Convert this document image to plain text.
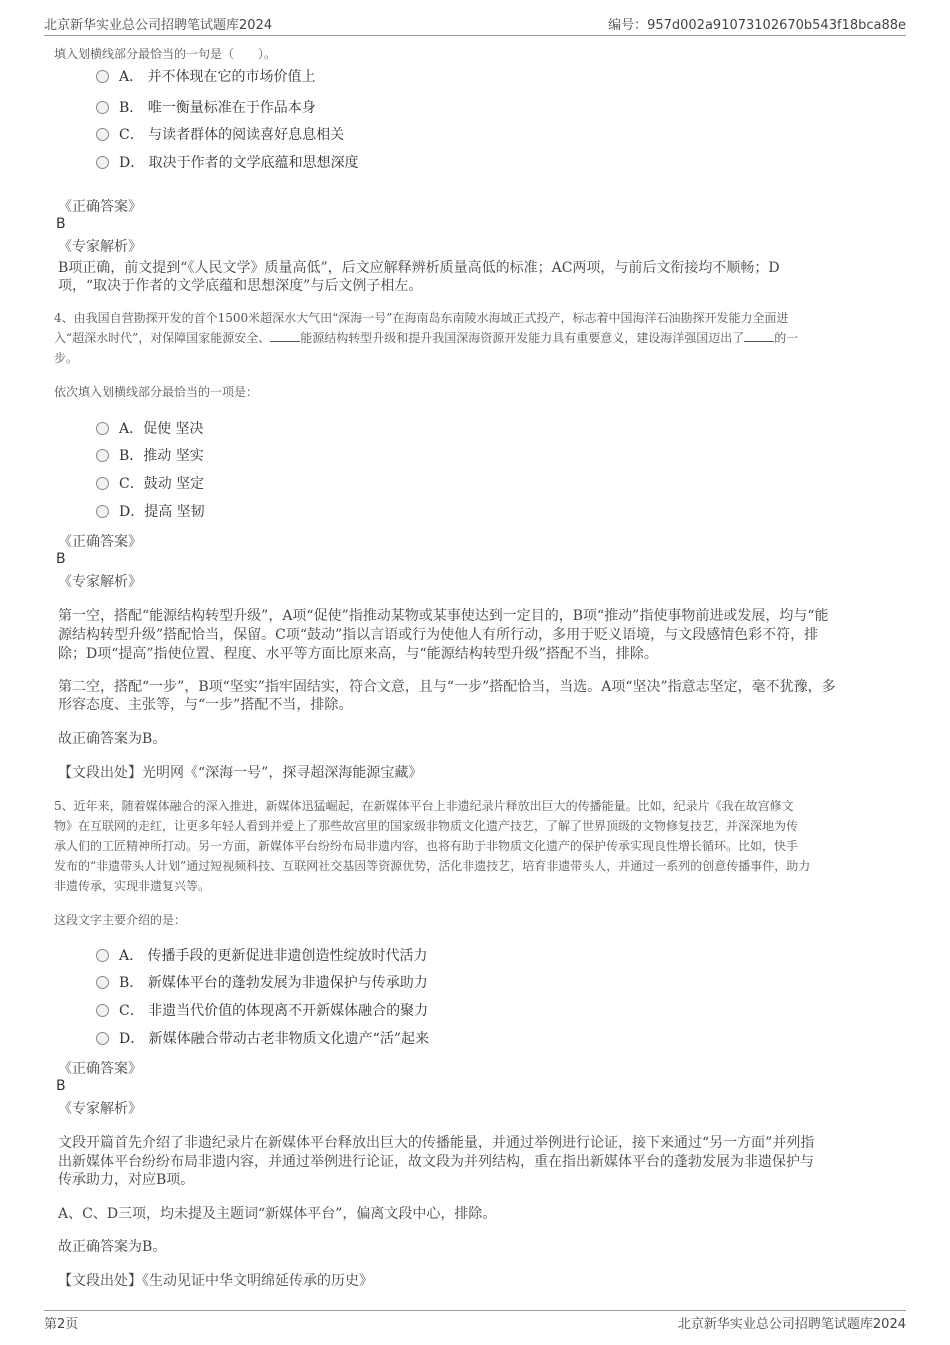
北京新华实业总公司招聘笔试题库2024	编号：957d002a91073102670b543f18bca88e
填入划横线部分最恰当的一句是（　　）。
A． 并不体现在它的市场价值上
B． 唯一衡量标准在于作品本身
C． 与读者群体的阅读喜好息息相关
D． 取决于作者的文学底蕴和思想深度
《正确答案》
B
《专家解析》
B项正确，前文提到“《人民文学》质量高低”，后文应解释辨析质量高低的标准；AC两项，与前后文衔接均不顺畅；D
项，“取决于作者的文学底蕴和思想深度”与后文例子相左。
4、由我国自营勘探开发的首个1500米超深水大气田“深海一号”在海南岛东南陵水海域正式投产，标志着中国海洋石油勘探开发能力全面进
入“超深水时代”，对保障国家能源安全、	能源结构转型升级和提升我国深海资源开发能力具有重要意义，建设海洋强国迈出了	的一
步。
依次填入划横线部分最恰当的一项是：
A．促使 坚决
B．推动 坚实
C．鼓动 坚定
D．提高 坚韧
《正确答案》
B
《专家解析》
第一空，搭配“能源结构转型升级”，A项“促使”指推动某物或某事使达到一定目的，B项“推动”指使事物前进或发展，均与“能
源结构转型升级”搭配恰当，保留。C项“鼓动”指以言语或行为使他人有所行动，多用于贬义语境，与文段感情色彩不符，排
除；D项“提高”指使位置、程度、水平等方面比原来高，与“能源结构转型升级”搭配不当，排除。
第二空，搭配“一步”，B项“坚实”指牢固结实，符合文意，且与“一步”搭配恰当，当选。A项“坚决”指意志坚定，毫不犹豫，多
形容态度、主张等，与“一步”搭配不当，排除。
故正确答案为B。
【文段出处】光明网《“深海一号”，探寻超深海能源宝藏》
5、近年来，随着媒体融合的深入推进，新媒体迅猛崛起，在新媒体平台上非遗纪录片释放出巨大的传播能量。比如，纪录片《我在故宫修文
物》在互联网的走红，让更多年轻人看到并爱上了那些故宫里的国家级非物质文化遗产技艺，了解了世界顶级的文物修复技艺，并深深地为传
承人们的工匠精神所打动。另一方面，新媒体平台纷纷布局非遗内容，也将有助于非物质文化遗产的保护传承实现良性增长循环。比如，快手
发布的“非遗带头人计划”通过短视频科技、互联网社交基因等资源优势，活化非遗技艺，培育非遗带头人，并通过一系列的创意传播事件，助力
非遗传承，实现非遗复兴等。
这段文字主要介绍的是：
A． 传播手段的更新促进非遗创造性绽放时代活力
B． 新媒体平台的蓬勃发展为非遗保护与传承助力
C． 非遗当代价值的体现离不开新媒体融合的聚力
D． 新媒体融合带动古老非物质文化遗产“活”起来
《正确答案》
B
《专家解析》
文段开篇首先介绍了非遗纪录片在新媒体平台释放出巨大的传播能量，并通过举例进行论证，接下来通过“另一方面”并列指
出新媒体平台纷纷布局非遗内容，并通过举例进行论证，故文段为并列结构，重在指出新媒体平台的蓬勃发展为非遗保护与
传承助力，对应B项。
A、C、D三项，均未提及主题词“新媒体平台”，偏离文段中心，排除。
故正确答案为B。
【文段出处】《生动见证中华文明绵延传承的历史》
第2页	北京新华实业总公司招聘笔试题库2024
